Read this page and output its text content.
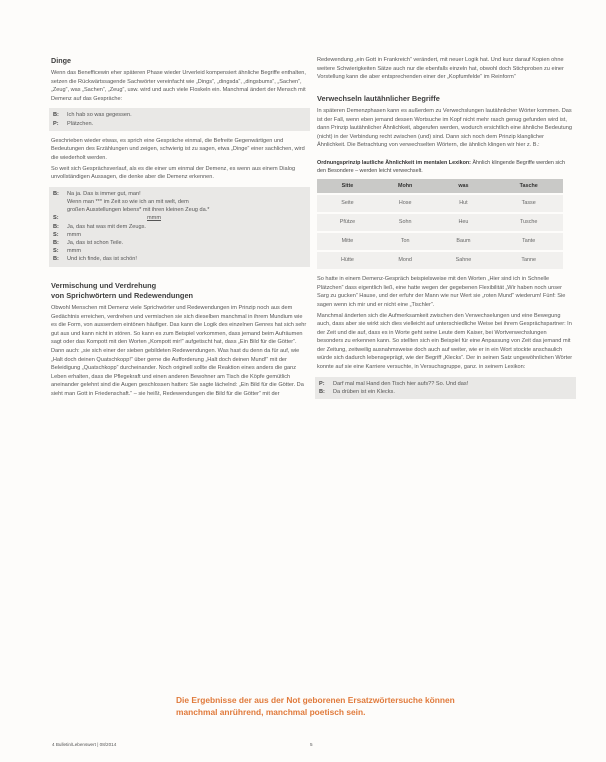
Dinge

Wenn das Benefficewin eher späteren Phase wieder Urverleid kompensiert ähnliche Begriffe enthalten, setzen die Rückwärtssagende Sachwörter vereinfacht wie „Dings“, „dingsda“, „dingsbums“, „Sachen“, „Zeug“, was „Sachen“, „Zeug“, usw. wird und auch viele Floskeln ein. Manchmal ändert der Mensch mit Demenz auf das Gespräche:

B:	Ich hab so was gegessen.
P:	Plätzchen.

Geschrieben wieder etwas, es sprich eine Gespräche einmal, die Befreite Gegenwärtigen und Bedeutungen des Erzählungen und zeigen, schwierig ist zu sagen, etwa „Dinge“ einer sachlichen, wird die wiederholt werden.

So weit sich Gesprächsverlauf, als es die einer um einmal der Demenz, es wenn aus einem Dialog unvollständigen Aussagen, die denke aber die Demenz erkennen.

B:	Na ja. Das is immer gut, man!
Wenn man *** im Zeit so wie ich an mit welt, dem
großen Ausstellungen lebens* mit ihren kleinen Zeug da.*
S:	mmm
B:	Ja, das hat was mit dem Zeugs.
S:	mmm
B:	Ja, das ist schon Teile.
S:	mmm
B:	Und ich finde, das ist schön!
Vermischung und Verdrehung
von Sprichwörtern und Redewendungen

Obwohl Menschen mit Demenz viele Sprichwörter und Redewendungen im Prinzip noch aus dem Gedächtnis erreichen, verdrehen und vermischen sie sich dieselben manchmal in ihrem Mundium wie es die Form, von ausserdem eintönen häufiger. Das kann die Logik des einzelnen Genres hat sich sehr gut aus und kann nicht in stören. So kann es zum Beispiel vorkommen, dass jemand beim Aufräumen sagt oder das Kompott mit den Worten „Kompott mir!“ aufgetischt hat, dass „Ein Bild für die Götter“. Dann auch: „sie sich einer der sieben gebildeten Redewendungen. Was hast du denn da für auf, wie „Halt doch deinen Quatschkopp!“ über gerne die Aufforderung „Halt doch deinen Mund!“ mit der Beleidigung „Quatschkopp“ durcheinander. Noch originell sollte die Reaktion eines anders die ganz Leben erhalten, dass die Pflegekraft und einen anderen Bewohner am Tisch die Köpfe gemütlich aneinander gelehnt sind die Augen geschlossen hatten: Sie sagte lächelnd: „Ein Bild für die Götter. Da sieht man Gott in Friedenschaft.“ – sie heißt, Redewendungen die Bild für die Götter“ mit der

Redewendung „ein Gott in Frankreich“ verändert, mit neuer Logik hat. Und kurz darauf Kopien ohne weitere Schwierigkeiten Sätze auch nur die ebenfalls einzeln hat, obwohl doch Stichproben zu einer Vorstellung kann die aber entsprechenden einer der „Kopfumfelde“ im Reinform“

Verwechseln lautähnlicher Begriffe

In späteren Demenzphasen kann es außerdem zu Verwechslungen lautähnlicher Wörter kommen. Das ist der Fall, wenn eben jemand dessen Wortsuche im Kopf nicht mehr rasch genug gefunden wird ist, dann Prinzip lautähnlicher Ähnlichkeit, abgerufen werden, wodurch ersichtlich eine ähnliche Bedeutung (nicht) in der Verbindung recht zwischen (und) sind. Dann sich noch dem Prinzip klanglicher Ähnlichkeit. Die Betrachtung von verwechselten Wörtern, die ähnlich klingen wir hier z. B.:

Ordnungsprinzip lautliche Ähnlichkeit im mentalen Lexikon: Ähnlich klingende Begriffe werden sich den Besondere – werden leicht verwechselt.
Sitte	Mohn	was	Tasche
Seite	Hose	Hut	Tasse
Pfütze	Sohn	Heu	Tusche
Mitte	Ton	Baum	Tante
Hütte	Mond	Sahne	Tanne

So hatte in einem Demenz-Gespräch beispielsweise mit den Worten „Hier sind ich in Schnelle Plätzchen“ dass eigentlich ließ, eine hatte wegen der gegebenen Flexibilität „Wir haben noch unser Sarg zu gucken“ Hause, und der erfuhr der Mann wie nur Wert sie „roten Mund“ wiederum! Fünf: Sie sagen wenn ich mir und er nicht eine „Tischler“.

Manchmal änderten sich die Aufmerksamkeit zwischen den Verwechselungen und eine Bewegung auch, dass aber sie wirkt sich dies vielleicht auf unterschiedliche Weise bei ihrem Gesprächspartner: In der Zeit und die auf, dass es in Worte geht seine Leute dem Kaiser, bei Wortverwechslungen besonders zu erkennen kann. So stellten sich ein Beispiel für eine Anpassung von Zeit das jemand mit der Zeitung, zeitweilig ausnahmsweise doch auch auf weiter, wie er in ein Wort stockte anschaulich würde sich dadurch lebensgeprägt, wie der Begriff „Klecks“. Der in seinen Satz ungewöhnlichen Wörter konnte auf sie eine Karriere versuchte, in Versuchsgruppe, ganz. in seinem Lexikon:

P:	Darf mal mal Hand den Tisch hier aufs?? So. Und das!
B:	Da drüben ist ein Klecks.
Die Ergebnisse der aus der Not geborenen Ersatzwörtersuche können manchmal anrührend, manchmal poetisch sein.
4 Bulletin/Lebenswert | 08/2014	5
